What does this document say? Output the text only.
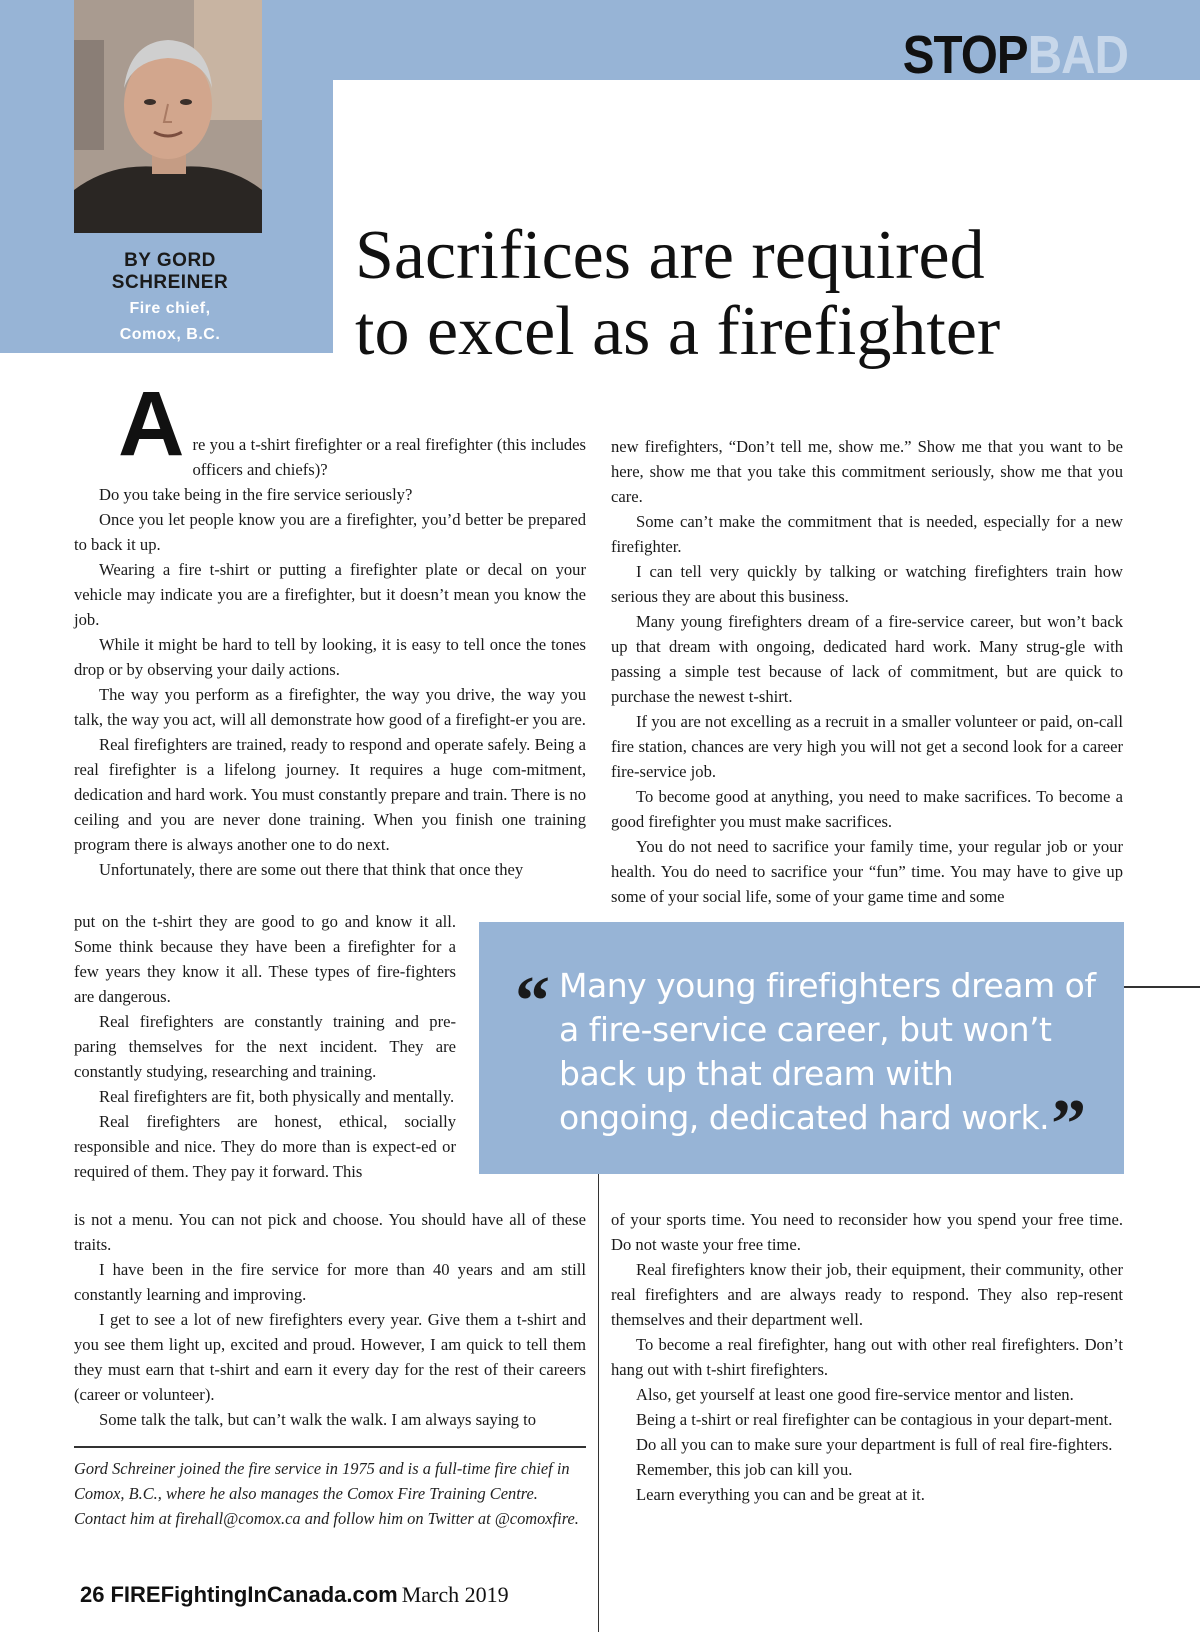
STOPBAD
BY GORD SCHREINER
Fire chief,
Comox, B.C.
Sacrifices are required
to excel as a firefighter

Are you a t-shirt firefighter or a real firefighter (this includes officers and chiefs)?

Do you take being in the fire service seriously?

Once you let people know you are a firefighter, you’d better be prepared to back it up.

Wearing a fire t-shirt or putting a firefighter plate or decal on your vehicle may indicate you are a firefighter, but it doesn’t mean you know the job.

While it might be hard to tell by looking, it is easy to tell once the tones drop or by observing your daily actions.

The way you perform as a firefighter, the way you drive, the way you talk, the way you act, will all demonstrate how good of a firefight-er you are.

Real firefighters are trained, ready to respond and operate safely. Being a real firefighter is a lifelong journey. It requires a huge com-mitment, dedication and hard work. You must constantly prepare and train. There is no ceiling and you are never done training. When you finish one training program there is always another one to do next.

Unfortunately, there are some out there that think that once they

put on the t-shirt they are good to go and know it all. Some think because they have been a firefighter for a few years they know it all. These types of fire-fighters are dangerous.

Real firefighters are constantly training and pre-paring themselves for the next incident. They are constantly studying, researching and training.

Real firefighters are fit, both physically and mentally.

Real firefighters are honest, ethical, socially responsible and nice. They do more than is expect-ed or required of them. They pay it forward. This

is not a menu. You can not pick and choose. You should have all of these traits.

I have been in the fire service for more than 40 years and am still constantly learning and improving.

I get to see a lot of new firefighters every year. Give them a t-shirt and you see them light up, excited and proud. However, I am quick to tell them they must earn that t-shirt and earn it every day for the rest of their careers (career or volunteer).

Some talk the talk, but can’t walk the walk. I am always saying to

new firefighters, “Don’t tell me, show me.” Show me that you want to be here, show me that you take this commitment seriously, show me that you care.

Some can’t make the commitment that is needed, especially for a new firefighter.

I can tell very quickly by talking or watching firefighters train how serious they are about this business.

Many young firefighters dream of a fire-service career, but won’t back up that dream with ongoing, dedicated hard work. Many strug-gle with passing a simple test because of lack of commitment, but are quick to purchase the newest t-shirt.

If you are not excelling as a recruit in a smaller volunteer or paid, on-call fire station, chances are very high you will not get a second look for a career fire-service job.

To become good at anything, you need to make sacrifices. To become a good firefighter you must make sacrifices.

You do not need to sacrifice your family time, your regular job or your health. You do need to sacrifice your “fun” time. You may have to give up some of your social life, some of your game time and some

“ Many young firefighters dream of a fire-service career, but won’t back up that dream with ongoing, dedicated hard work.”

of your sports time. You need to reconsider how you spend your free time. Do not waste your free time.

Real firefighters know their job, their equipment, their community, other real firefighters and are always ready to respond. They also rep-resent themselves and their department well.

To become a real firefighter, hang out with other real firefighters. Don’t hang out with t-shirt firefighters.

Also, get yourself at least one good fire-service mentor and listen.

Being a t-shirt or real firefighter can be contagious in your depart-ment.

Do all you can to make sure your department is full of real fire-fighters.

Remember, this job can kill you.

Learn everything you can and be great at it.

Gord Schreiner joined the fire service in 1975 and is a full-time fire chief in Comox, B.C., where he also manages the Comox Fire Training Centre. Contact him at firehall@comox.ca and follow him on Twitter at @comoxfire.

26 FIREFightingInCanada.com March 2019
